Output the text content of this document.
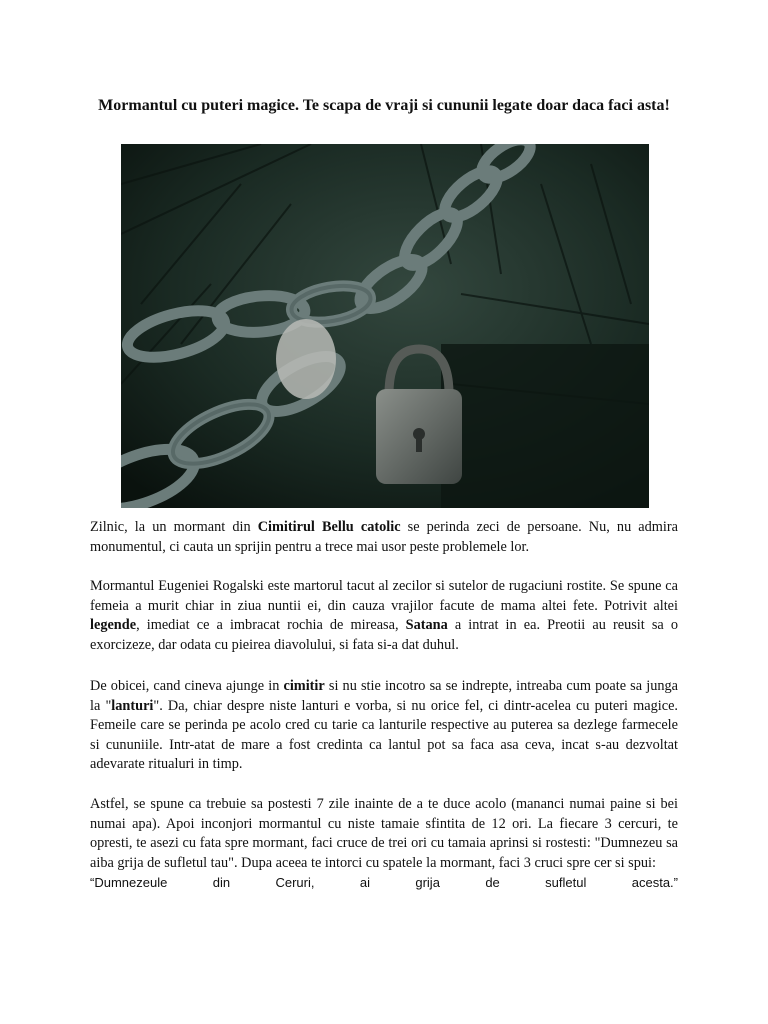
Mormantul cu puteri magice. Te scapa de vraji si cununii legate doar daca faci asta!

Zilnic, la un mormant din Cimitirul Bellu catolic se perinda zeci de persoane. Nu, nu admira monumentul, ci cauta un sprijin pentru a trece mai usor peste problemele lor.

Mormantul Eugeniei Rogalski este martorul tacut al zecilor si sutelor de rugaciuni rostite. Se spune ca femeia a murit chiar in ziua nuntii ei, din cauza vrajilor facute de mama altei fete. Potrivit altei legende, imediat ce a imbracat rochia de mireasa, Satana a intrat in ea. Preotii au reusit sa o exorcizeze, dar odata cu pieirea diavolului, si fata si-a dat duhul.

De obicei, cand cineva ajunge in cimitir si nu stie incotro sa se indrepte, intreaba cum poate sa junga la "lanturi". Da, chiar despre niste lanturi e vorba, si nu orice fel, ci dintr-acelea cu puteri magice. Femeile care se perinda pe acolo cred cu tarie ca lanturile respective au puterea sa dezlege farmecele si cununiile. Intr-atat de mare a fost credinta ca lantul pot sa faca asa ceva, incat s-au dezvoltat adevarate ritualuri in timp.

Astfel, se spune ca trebuie sa postesti 7 zile inainte de a te duce acolo (mananci numai paine si bei numai apa). Apoi inconjori mormantul cu niste tamaie sfintita de 12 ori. La fiecare 3 cercuri, te opresti, te asezi cu fata spre mormant, faci cruce de trei ori cu tamaia aprinsi si rostesti: "Dumnezeu sa aiba grija de sufletul tau". Dupa aceea te intorci cu spatele la mormant, faci 3 cruci spre cer si spui:
“Dumnezeule din Ceruri, ai grija de sufletul acesta.”
